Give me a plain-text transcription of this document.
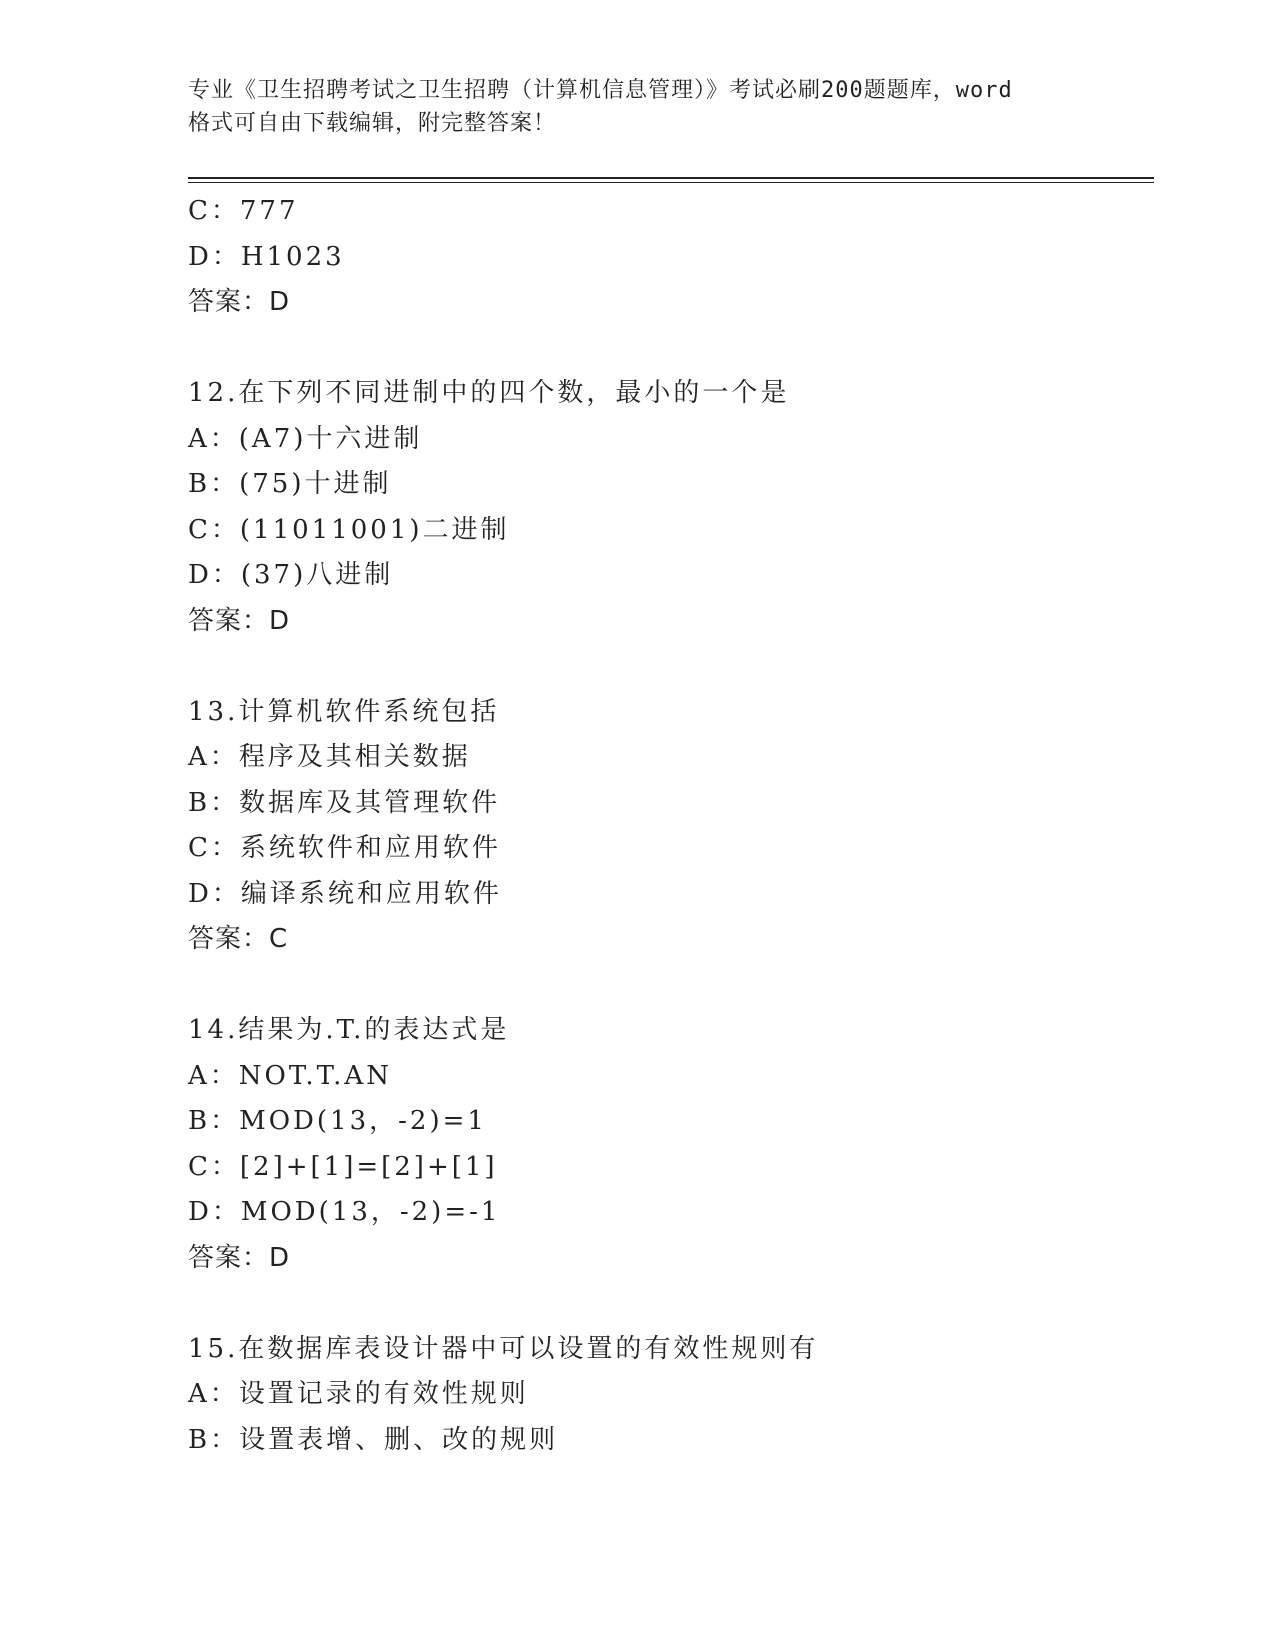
专业《卫生招聘考试之卫生招聘（计算机信息管理）》考试必刷200题题库，word
格式可自由下载编辑，附完整答案！
C：777
D：H1023
答案：D
12.在下列不同进制中的四个数，最小的一个是
A：(A7)十六进制
B：(75)十进制
C：(11011001)二进制
D：(37)八进制
答案：D
13.计算机软件系统包括
A：程序及其相关数据
B：数据库及其管理软件
C：系统软件和应用软件
D：编译系统和应用软件
答案：C
14.结果为.T.的表达式是
A：NOT.T.AN
B：MOD(13，-2)=1
C：[2]+[1]=[2]+[1]
D：MOD(13，-2)=-1
答案：D
15.在数据库表设计器中可以设置的有效性规则有
A：设置记录的有效性规则
B：设置表增、删、改的规则
